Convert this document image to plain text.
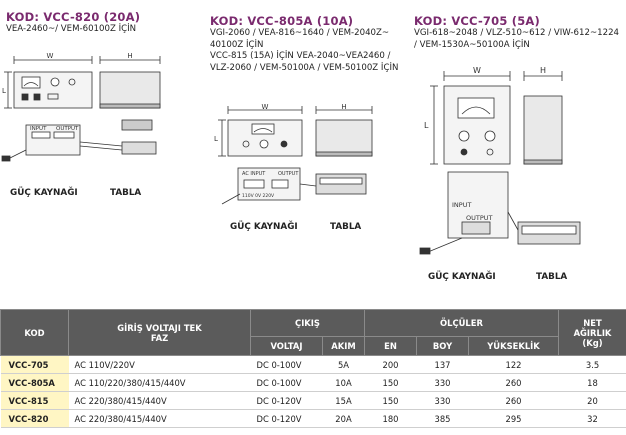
KOD: VCC-820 (20A)
VEA-2460~/ VEM-60100Z İÇİN
W	H
L
INPUT OUTPUT
GÜÇ KAYNAĞI	TABLA
KOD: VCC-805A (10A)
VGI-2060 / VEA-816~1640 / VEM-2040Z~
40100Z İÇİN
VCC-815 (15A) İÇİN VEA-2040~VEA2460 /
VLZ-2060 / VEM-50100A / VEM-50100Z İÇİN
W	H
L
AC INPUT	OUTPUT
110V 0V 220V
GÜÇ KAYNAĞI	TABLA
KOD: VCC-705 (5A)
VGI-618~2048 / VLZ-510~612 / VIW-612~1224
/ VEM-1530A~50100A İÇİN
W	H
L
INPUT
OUTPUT
GÜÇ KAYNAĞI	TABLA
KOD	GİRİŞ VOLTAJI TEK FAZ	ÇIKIŞ		ÖLÇÜLER			NET AĞIRLIK (Kg)
		VOLTAJ	AKIM	EN	BOY	YÜKSEKLİK	
VCC-705	AC 110V/220V	DC 0-100V	5A	200	137	122	3.5
VCC-805A	AC 110/220/380/415/440V	DC 0-100V	10A	150	330	260	18
VCC-815	AC 220/380/415/440V	DC 0-120V	15A	150	330	260	20
VCC-820	AC 220/380/415/440V	DC 0-120V	20A	180	385	295	32
